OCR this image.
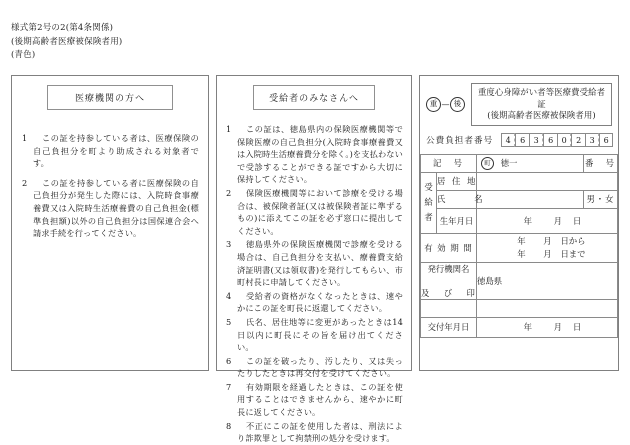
様式第2号の2(第4条関係)
(後期高齢者医療被保険者用)
(青色)
医療機関の方へ
1	この証を持参している者は、医療保険の自己負担分を町より助成される対象者です。
2	この証を持参している者に医療保険の自己負担分が発生した際には、入院時食事療養費又は入院時生活療養費の自己負担金(標準負担額)以外の自己負担分は国保連合会へ請求手続を行ってください。
受給者のみなさんへ
1	この証は、徳島県内の保険医療機関等で保険医療の自己負担分(入院時食事療養費又は入院時生活療養費分を除く。)を支払わないで受診することができる証ですから大切に保持してください。
2	保険医療機関等において診療を受ける場合は、被保険者証(又は被保険者証に準ずるもの)に添えてこの証を必ず窓口に提出してください。
3	徳島県外の保険医療機関で診療を受ける場合は、自己負担分を支払い、療養費支給済証明書(又は領収書)を発行してもらい、市町村長に申請してください。
4	受給者の資格がなくなったときは、速やかにこの証を町長に返還してください。
5	氏名、居住地等に変更があったときは14日以内に町長にその旨を届け出てください。
6	この証を破ったり、汚したり、又は失ったりしたときは再交付を受けてください。
7	有効期限を経過したときは、この証を使用することはできませんから、速やかに町長に返してください。
8	不正にこの証を使用した者は、刑法により詐欺罪として拘禁刑の処分を受けます。
重 — 後
重度心身障がい者等医療費受給者証
(後期高齢者医療被保険者用)
公費負担者番号	4	6	3	6	0	2	3	6
記　号		町 徳一	番　号

受
給
者	居 住 地		
	氏　　名		男・女
	生年月日	年 月 日	
有 効 期 間		年 月 日から
年 月 日まで	

発行機関名
及　び　印		徳島県	

交付年月日		年 月 日	
